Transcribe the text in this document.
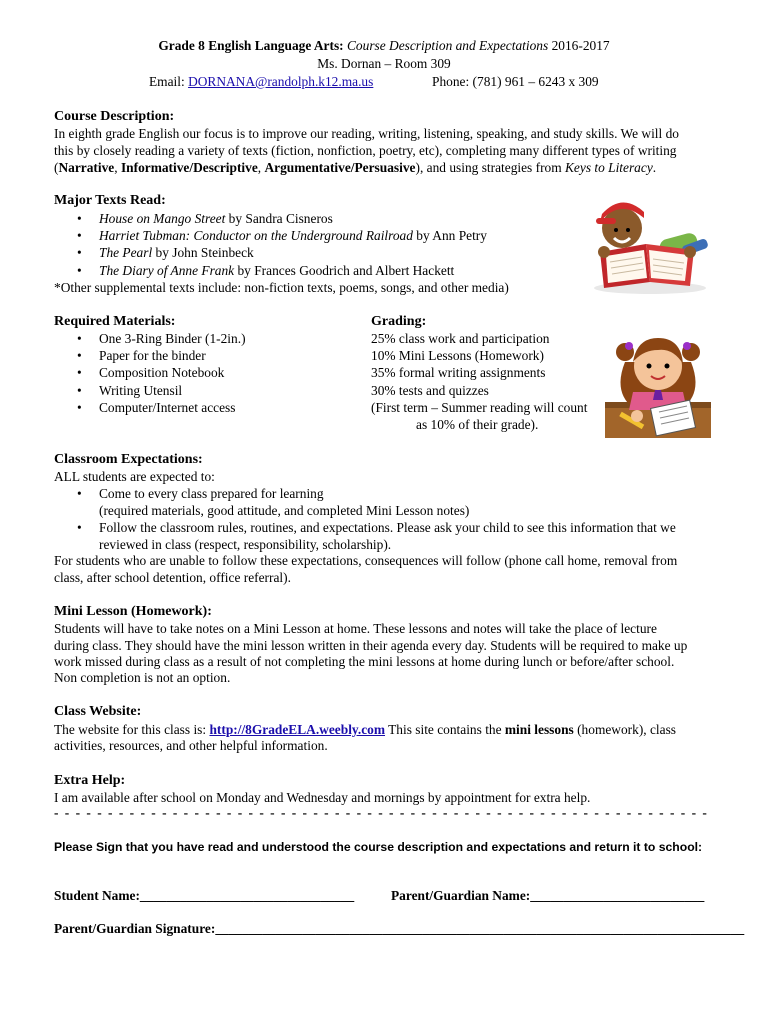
Grade 8 English Language Arts: Course Description and Expectations 2016-2017
Ms. Dornan – Room 309
Email: DORNANA@randolph.k12.ma.us	Phone: (781) 961 – 6243 x 309
Course Description:
In eighth grade English our focus is to improve our reading, writing, listening, speaking, and study skills. We will do
this by closely reading a variety of texts (fiction, nonfiction, poetry, etc), completing many different types of writing
(Narrative, Informative/Descriptive, Argumentative/Persuasive), and using strategies from Keys to Literacy.
Major Texts Read:
• House on Mango Street by Sandra Cisneros
• Harriet Tubman: Conductor on the Underground Railroad by Ann Petry
• The Pearl by John Steinbeck
• The Diary of Anne Frank by Frances Goodrich and Albert Hackett
*Other supplemental texts include: non-fiction texts, poems, songs, and other media)
Required Materials:
• One 3-Ring Binder (1-2in.)
• Paper for the binder
• Composition Notebook
• Writing Utensil
• Computer/Internet access
Grading:
25% class work and participation
10% Mini Lessons (Homework)
35% formal writing assignments
30% tests and quizzes
(First term – Summer reading will count
as 10% of their grade).
Classroom Expectations:
ALL students are expected to:
• Come to every class prepared for learning
(required materials, good attitude, and completed Mini Lesson notes)
• Follow the classroom rules, routines, and expectations. Please ask your child to see this information that we
reviewed in class (respect, responsibility, scholarship).
For students who are unable to follow these expectations, consequences will follow (phone call home, removal from
class, after school detention, office referral).
Mini Lesson (Homework):
Students will have to take notes on a Mini Lesson at home. These lessons and notes will take the place of lecture
during class. They should have the mini lesson written in their agenda every day. Students will be required to make up
work missed during class as a result of not completing the mini lessons at home during lunch or before/after school.
Non completion is not an option.
Class Website:
The website for this class is: http://8GradeELA.weebly.com This site contains the mini lessons (homework), class
activities, resources, and other helpful information.
Extra Help:
I am available after school on Monday and Wednesday and mornings by appointment for extra help.
- - - - - - - - - - - - - - - - - - - - - - - - - - - - - - - - - - - - - - - - - - - - - - - - - - - - - - - - - - - - -
Please Sign that you have read and understood the course description and expectations and return it to school:
Student Name:________________________________	Parent/Guardian Name:__________________________
Parent/Guardian Signature:_______________________________________________________________________________
